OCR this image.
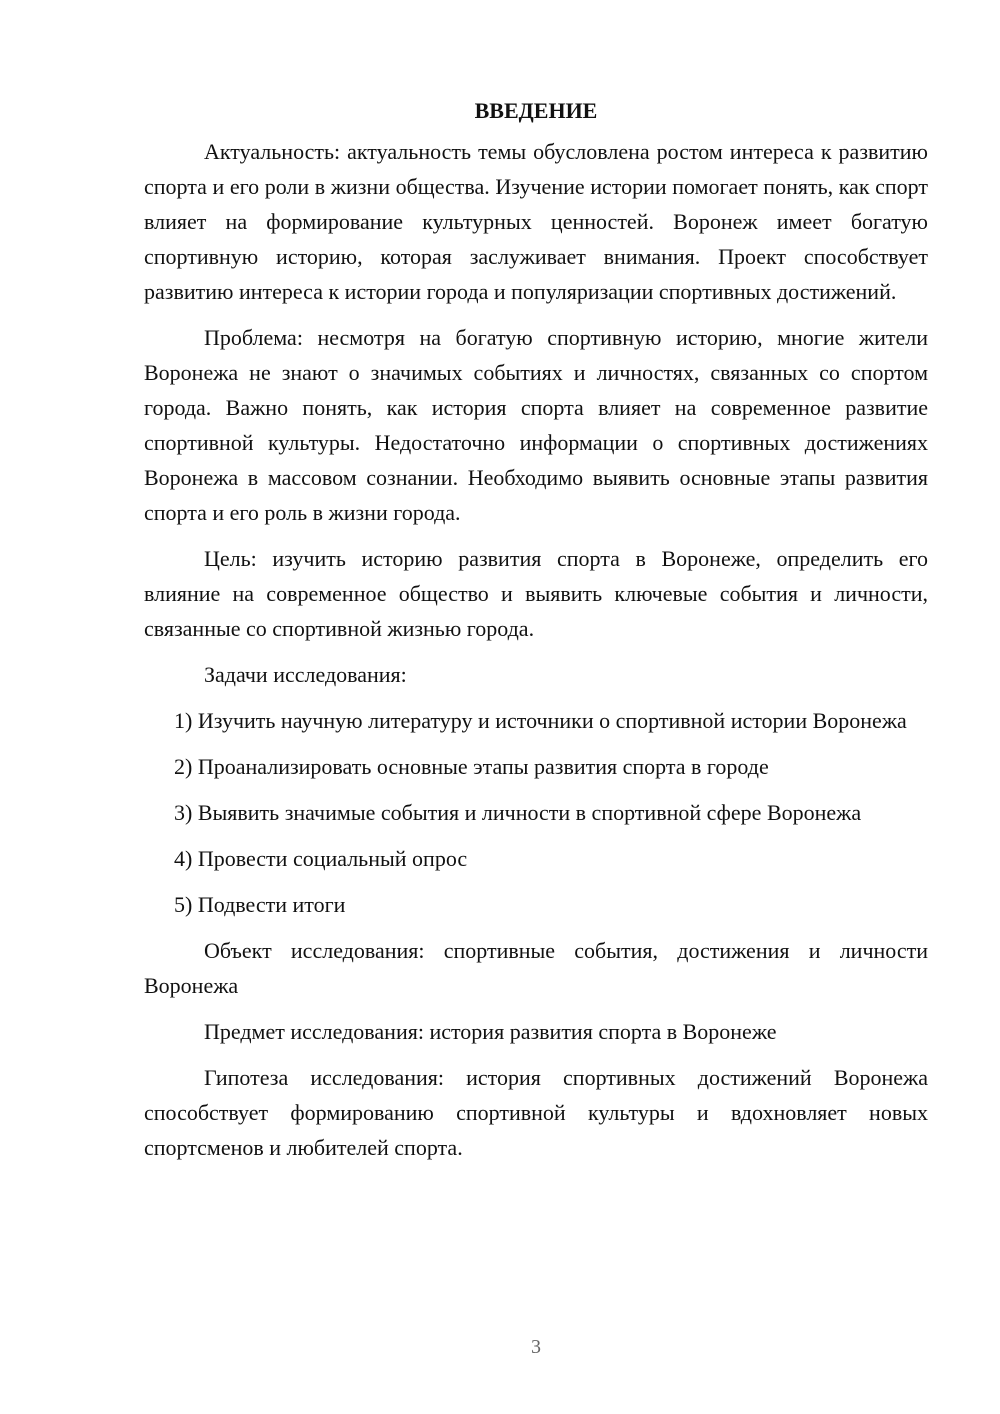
ВВЕДЕНИЕ

Актуальность: актуальность темы обусловлена ростом интереса к развитию спорта и его роли в жизни общества. Изучение истории помогает понять, как спорт влияет на формирование культурных ценностей. Воронеж имеет богатую спортивную историю, которая заслуживает внимания. Проект способствует развитию интереса к истории города и популяризации спортивных достижений.

Проблема: несмотря на богатую спортивную историю, многие жители Воронежа не знают о значимых событиях и личностях, связанных со спортом города. Важно понять, как история спорта влияет на современное развитие спортивной культуры. Недостаточно информации о спортивных достижениях Воронежа в массовом сознании. Необходимо выявить основные этапы развития спорта и его роль в жизни города.

Цель: изучить историю развития спорта в Воронеже, определить его влияние на современное общество и выявить ключевые события и личности, связанные со спортивной жизнью города.

Задачи исследования:

1) Изучить научную литературу и источники о спортивной истории Воронежа

2) Проанализировать основные этапы развития спорта в городе

3) Выявить значимые события и личности в спортивной сфере Воронежа

4) Провести социальный опрос

5) Подвести итоги

Объект исследования: спортивные события, достижения и личности Воронежа

Предмет исследования: история развития спорта в Воронеже

Гипотеза исследования: история спортивных достижений Воронежа способствует формированию спортивной культуры и вдохновляет новых спортсменов и любителей спорта.

3
